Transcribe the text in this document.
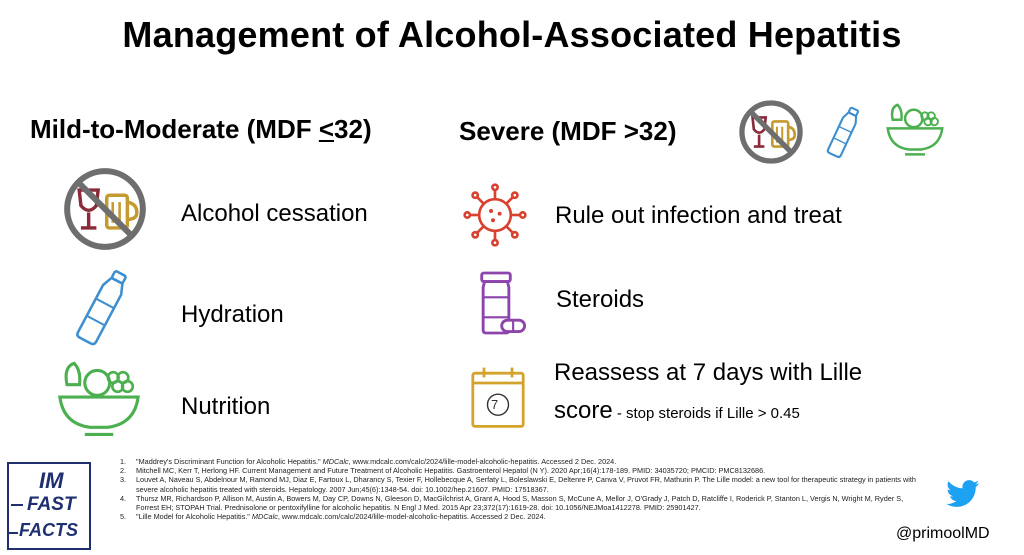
Management of Alcohol-Associated Hepatitis
Mild-to-Moderate (MDF <32)	Severe (MDF >32)
Alcohol cessation
Hydration
Nutrition
Rule out infection and treat
Steroids
7
Reassess at 7 days with Lille
score - stop steroids if Lille > 0.45
IM
FAST
FACTS
1. "Maddrey's Discriminant Function for Alcoholic Hepatitis." MDCalc, www.mdcalc.com/calc/2024/lille-model-alcoholic-hepatitis. Accessed 2 Dec. 2024.
2. Mitchell MC, Kerr T, Herlong HF. Current Management and Future Treatment of Alcoholic Hepatitis. Gastroenterol Hepatol (N Y). 2020 Apr;16(4):178-189. PMID: 34035720; PMCID: PMC8132686.
3. Louvet A, Naveau S, Abdelnour M, Ramond MJ, Diaz E, Fartoux L, Dharancy S, Texier F, Hollebecque A, Serfaty L, Boleslawski E, Deltenre P, Canva V, Pruvot FR, Mathurin P. The Lille model: a new tool for therapeutic strategy in patients with severe alcoholic hepatitis treated with steroids. Hepatology. 2007 Jun;45(6):1348-54. doi: 10.1002/hep.21607. PMID: 17518367.
4. Thursz MR, Richardson P, Allison M, Austin A, Bowers M, Day CP, Downs N, Gleeson D, MacGilchrist A, Grant A, Hood S, Masson S, McCune A, Mellor J, O'Grady J, Patch D, Ratcliffe I, Roderick P, Stanton L, Vergis N, Wright M, Ryder S, Forrest EH; STOPAH Trial. Prednisolone or pentoxifylline for alcoholic hepatitis. N Engl J Med. 2015 Apr 23;372(17):1619-28. doi: 10.1056/NEJMoa1412278. PMID: 25901427.
5. "Lille Model for Alcoholic Hepatitis." MDCalc, www.mdcalc.com/calc/2024/lille-model-alcoholic-hepatitis. Accessed 2 Dec. 2024.
@primoolMD
